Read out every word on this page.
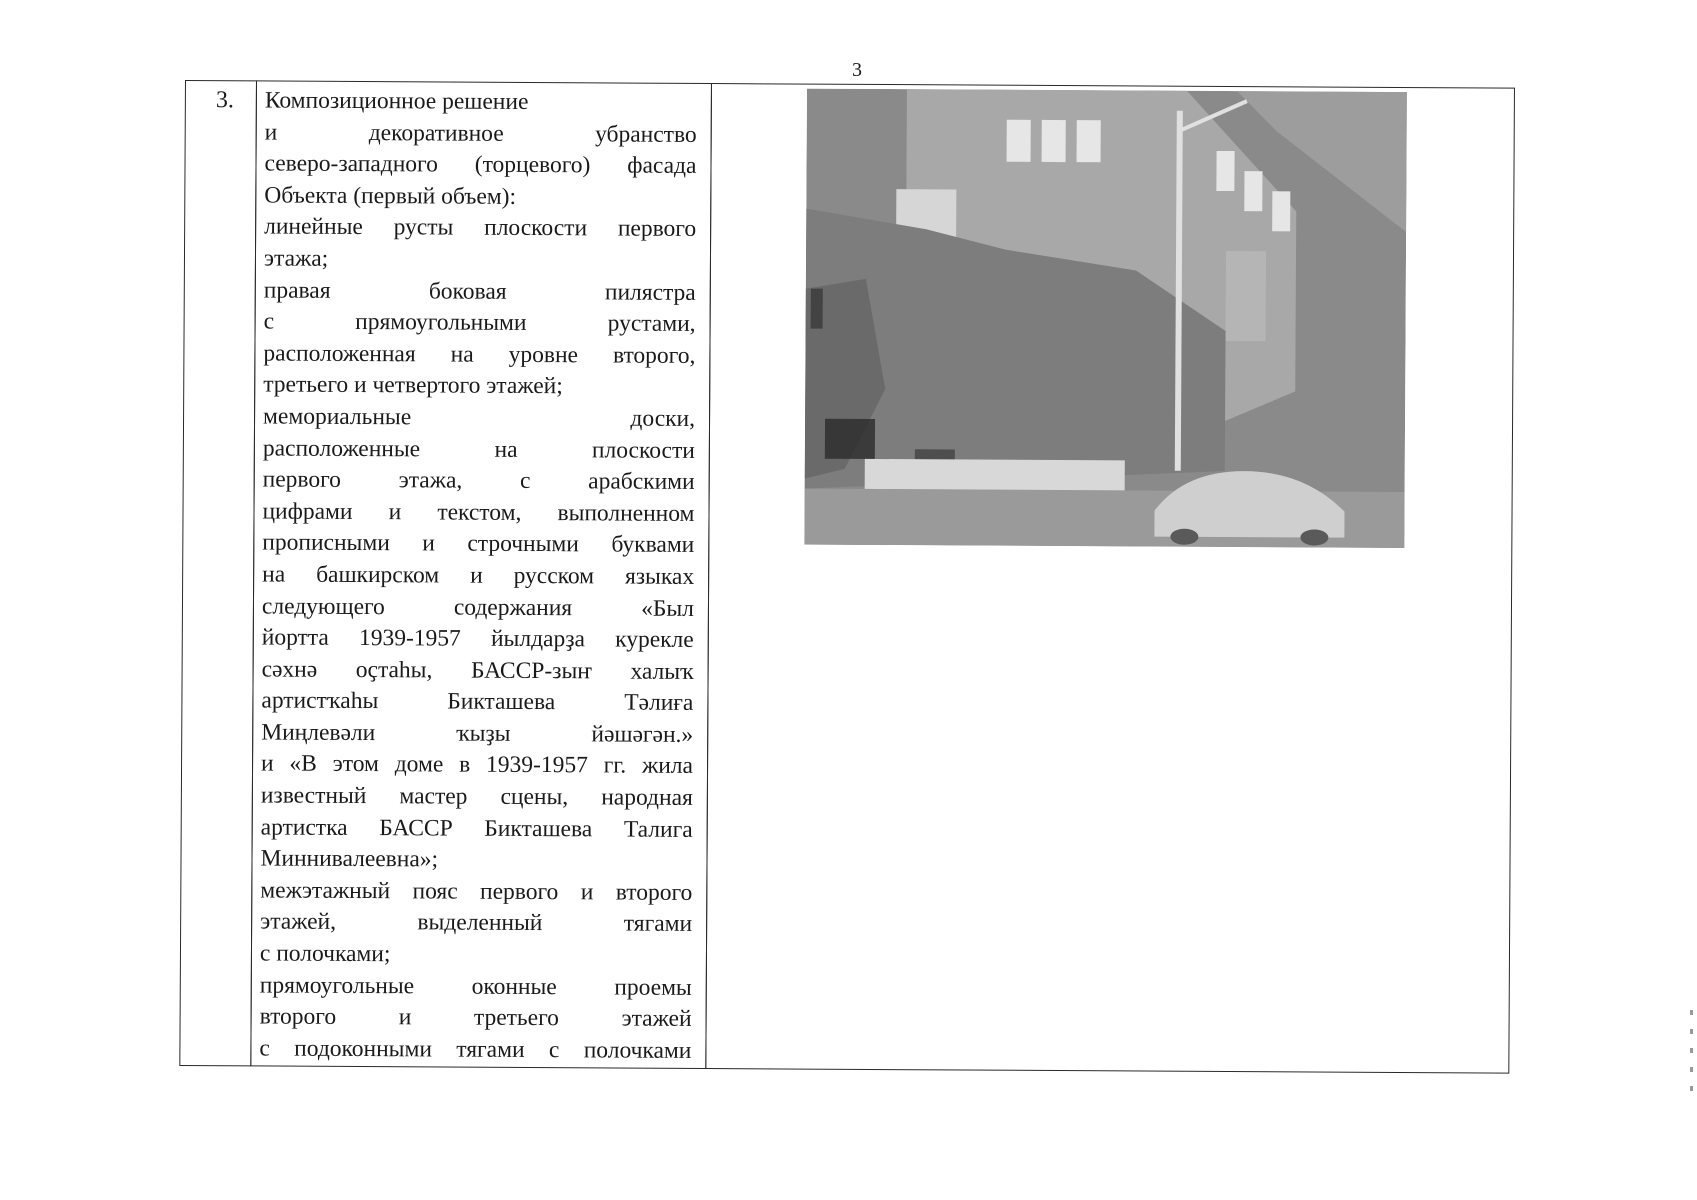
3
3. Композиционное решение
и	декоративное	убранство
северо-западного (торцевого) фасада
Объекта (первый объем):
линейные русты плоскости первого
этажа;
правая	боковая	пилястра
с	прямоугольными	рустами,
расположенная на уровне второго,
третьего и четвертого этажей;
мемориальные	доски,
расположенные	на	плоскости
первого этажа, с арабскими
цифрами и текстом, выполненном
прописными и строчными буквами
на башкирском и русском языках
следующего	содержания	«Был
йортта 1939-1957 йылдарҙа курекле
сәхнә оҫтаһы, БАССР-зыҥ халыҡ
артистҡаһы	Бикташева	Тәлиға
Миңлевәли	ҡыҙы	йәшәгән.»
и «В этом доме в 1939-1957 гг. жила
известный мастер сцены, народная
артистка БАССР Бикташева Талига
Миннивалеевна»;
межэтажный пояс первого и второго
этажей,	выделенный	тягами
с полочками;
прямоугольные оконные проемы
второго	и	третьего	этажей
с подоконными тягами с полочками
